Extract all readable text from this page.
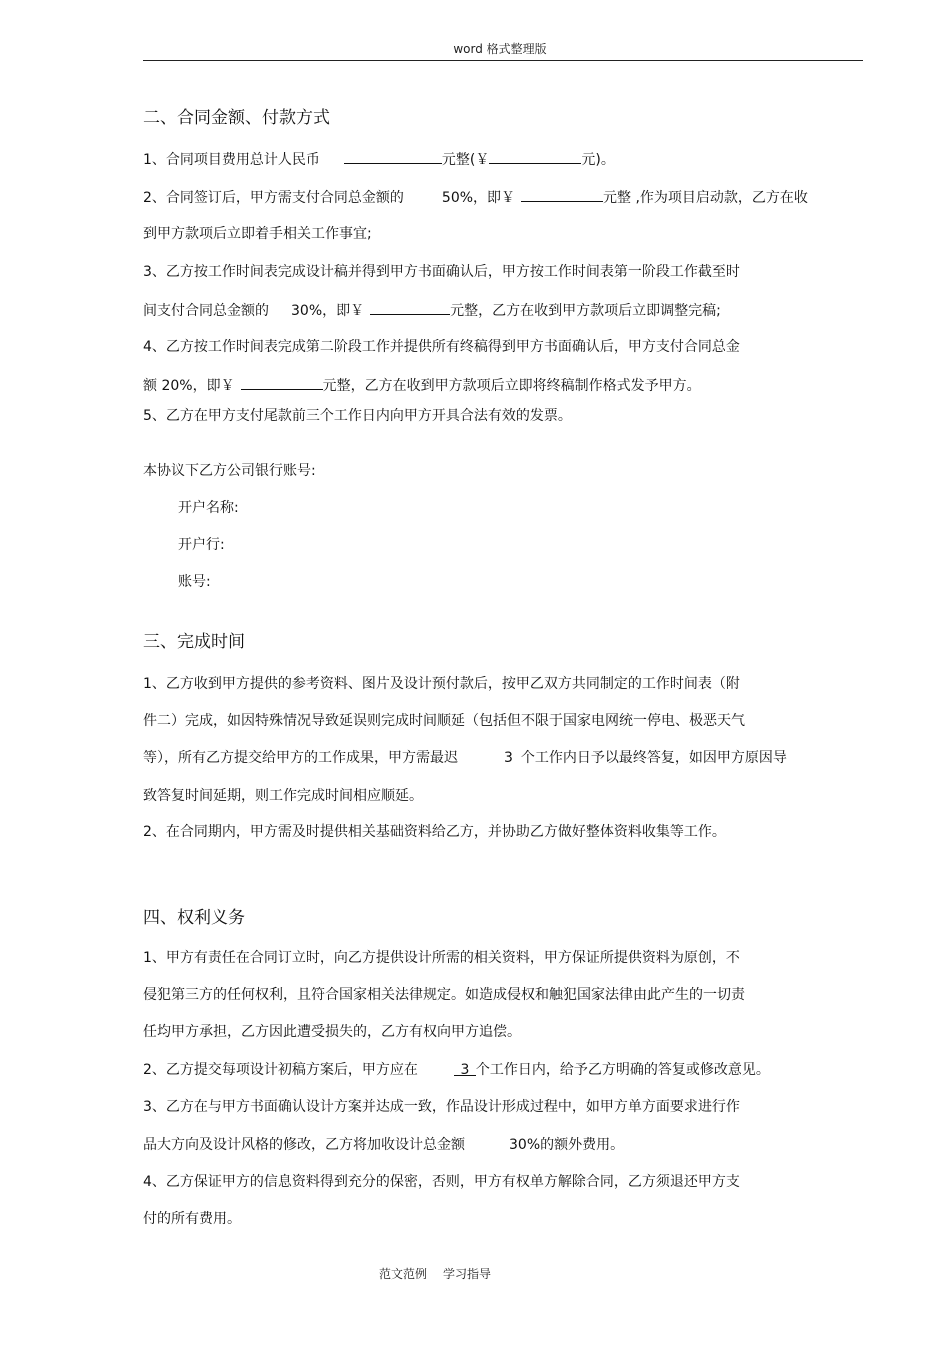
word 格式整理版
二、合同金额、付款方式
1、合同项目费用总计人民币	元整(￥	元)。
2、合同签订后，甲方需支付合同总金额的	50%，即￥	元整 ,作为项目启动款，乙方在收
到甲方款项后立即着手相关工作事宜;
3、乙方按工作时间表完成设计稿并得到甲方书面确认后，甲方按工作时间表第一阶段工作截至时
间支付合同总金额的 30%，即￥	元整，乙方在收到甲方款项后立即调整完稿;
4、乙方按工作时间表完成第二阶段工作并提供所有终稿得到甲方书面确认后，甲方支付合同总金
额 20%，即￥	元整，乙方在收到甲方款项后立即将终稿制作格式发予甲方。
5、乙方在甲方支付尾款前三个工作日内向甲方开具合法有效的发票。
本协议下乙方公司银行账号:
开户名称:
开户行:
账号:
三、完成时间
1、乙方收到甲方提供的参考资料、图片及设计预付款后，按甲乙双方共同制定的工作时间表（附
件二）完成，如因特殊情况导致延误则完成时间顺延（包括但不限于国家电网统一停电、极恶天气
等），所有乙方提交给甲方的工作成果，甲方需最迟	3 个工作内日予以最终答复，如因甲方原因导
致答复时间延期，则工作完成时间相应顺延。
2、在合同期内，甲方需及时提供相关基础资料给乙方，并协助乙方做好整体资料收集等工作。
四、权利义务
1、甲方有责任在合同订立时，向乙方提供设计所需的相关资料，甲方保证所提供资料为原创，不
侵犯第三方的任何权利，且符合国家相关法律规定。如造成侵权和触犯国家法律由此产生的一切责
任均甲方承担，乙方因此遭受损失的，乙方有权向甲方追偿。
2、乙方提交每项设计初稿方案后，甲方应在	3 个工作日内，给予乙方明确的答复或修改意见。
3、乙方在与甲方书面确认设计方案并达成一致，作品设计形成过程中，如甲方单方面要求进行作
品大方向及设计风格的修改，乙方将加收设计总金额	30%的额外费用。
4、乙方保证甲方的信息资料得到充分的保密，否则，甲方有权单方解除合同，乙方须退还甲方支
付的所有费用。
范文范例 学习指导
